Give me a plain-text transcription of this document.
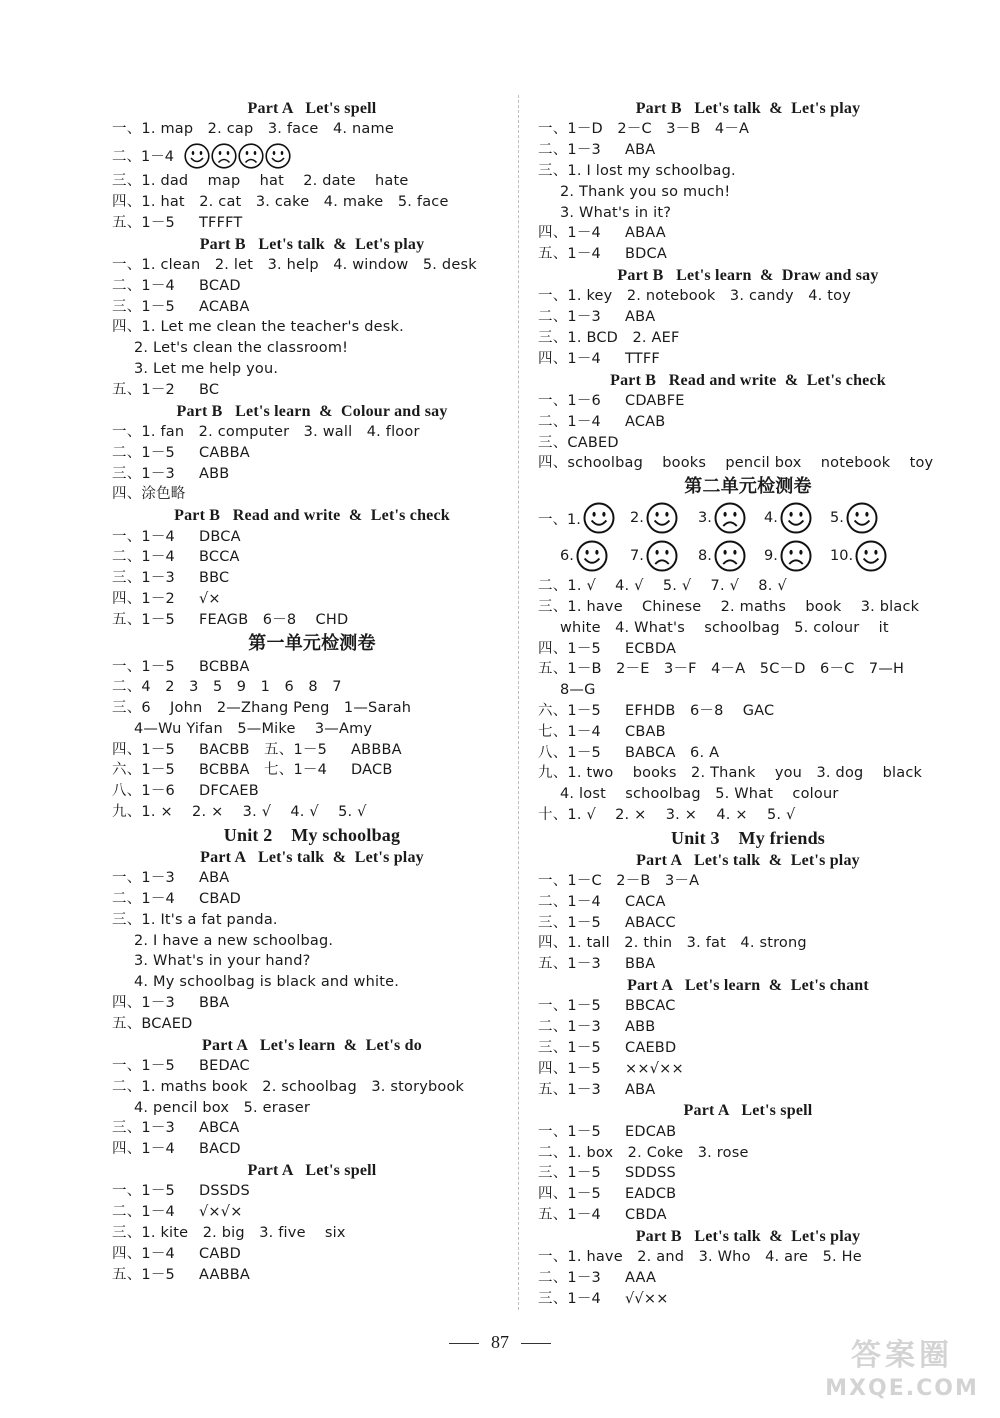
Part A   Let's spell
一、1. map   2. cap   3. face   4. name
二、1－4
三、1. dad    map    hat    2. date    hate
四、1. hat   2. cat   3. cake   4. make   5. face
五、1－5     TFFFT
Part B   Let's talk  &  Let's play
一、1. clean   2. let   3. help   4. window   5. desk
二、1－4     BCAD
三、1－5     ACABA
四、1. Let me clean the teacher's desk.
2. Let's clean the classroom!
3. Let me help you.
五、1－2     BC
Part B   Let's learn  &  Colour and say
一、1. fan   2. computer   3. wall   4. floor
二、1－5     CABBA
三、1－3     ABB
四、涂色略
Part B   Read and write  &  Let's check
一、1－4     DBCA
二、1－4     BCCA
三、1－3     BBC
四、1－2     √×
五、1－5     FEAGB   6－8    CHD
第一单元检测卷
一、1－5     BCBBA
二、4   2   3   5   9   1   6   8   7
三、6    John   2—Zhang Peng   1—Sarah
4—Wu Yifan   5—Mike    3—Amy
四、1－5     BACBB   五、1－5     ABBBA
六、1－5     BCBBA   七、1－4     DACB
八、1－6     DFCAEB
九、1. ×    2. ×    3. √    4. √    5. √
Unit 2    My schoolbag
Part A   Let's talk  &  Let's play
一、1－3     ABA
二、1－4     CBAD
三、1. It's a fat panda.
2. I have a new schoolbag.
3. What's in your hand?
4. My schoolbag is black and white.
四、1－3     BBA
五、BCAED
Part A   Let's learn  &  Let's do
一、1－5     BEDAC
二、1. maths book   2. schoolbag   3. storybook
4. pencil box   5. eraser
三、1－3     ABCA
四、1－4     BACD
Part A   Let's spell
一、1－5     DSSDS
二、1－4     √×√×
三、1. kite   2. big   3. five    six
四、1－4     CABD
五、1－5     AABBA
Part B   Let's talk  &  Let's play
一、1－D   2－C   3－B   4－A
二、1－3     ABA
三、1. I lost my schoolbag.
2. Thank you so much!
3. What's in it?
四、1－4     ABAA
五、1－4     BDCA
Part B   Let's learn  &  Draw and say
一、1. key   2. notebook   3. candy   4. toy
二、1－3     ABA
三、1. BCD   2. AEF
四、1－4     TTFF
Part B   Read and write  &  Let's check
一、1－6     CDABFE
二、1－4     ACAB
三、CABED
四、schoolbag    books    pencil box    notebook    toy
第二单元检测卷
一、1.	2.	3.	4.	5.
6.	7.	8.	9.	10.
二、1. √    4. √    5. √    7. √    8. √
三、1. have    Chinese    2. maths    book    3. black
white   4. What's    schoolbag   5. colour    it
四、1－5     ECBDA
五、1－B   2－E   3－F   4－A   5C－D   6－C   7—H
8—G
六、1－5     EFHDB   6－8    GAC
七、1－4     CBAB
八、1－5     BABCA   6. A
九、1. two    books   2. Thank    you   3. dog    black
4. lost    schoolbag   5. What    colour
十、1. √    2. ×    3. ×    4. ×    5. √
Unit 3    My friends
Part A   Let's talk  &  Let's play
一、1－C   2－B   3－A
二、1－4     CACA
三、1－5     ABACC
四、1. tall   2. thin   3. fat   4. strong
五、1－3     BBA
Part A   Let's learn  &  Let's chant
一、1－5     BBCAC
二、1－3     ABB
三、1－5     CAEBD
四、1－5     ××√××
五、1－3     ABA
Part A   Let's spell
一、1－5     EDCAB
二、1. box   2. Coke   3. rose
三、1－5     SDDSS
四、1－5     EADCB
五、1－4     CBDA
Part B   Let's talk  &  Let's play
一、1. have   2. and   3. Who   4. are   5. He
二、1－3     AAA
三、1－4     √√××
87	答案圈
MXQE.COM
